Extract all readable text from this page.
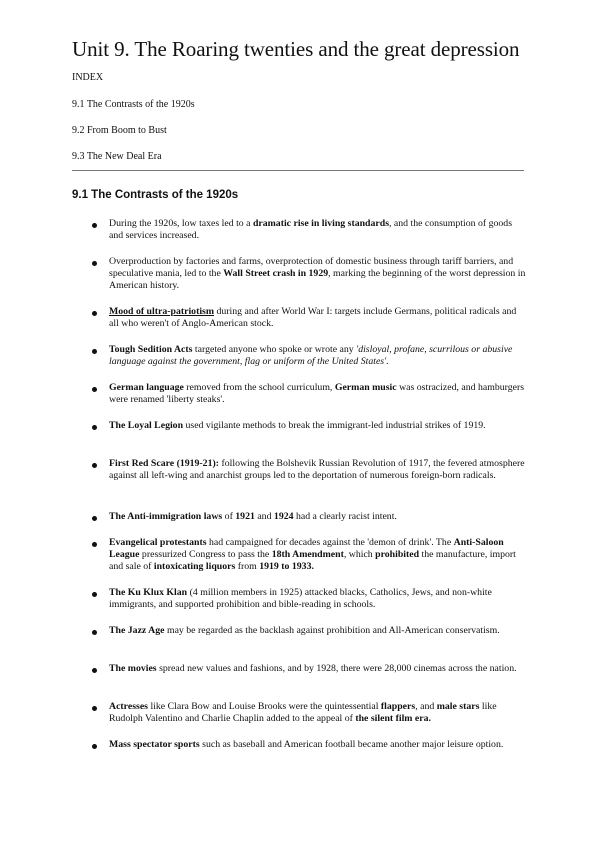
Unit 9. The Roaring twenties and the great depression
INDEX
9.1 The Contrasts of the 1920s
9.2 From Boom to Bust
9.3 The New Deal Era
9.1 The Contrasts of the 1920s

During the 1920s, low taxes led to a dramatic rise in living standards, and the consumption of goods and services increased.

Overproduction by factories and farms, overprotection of domestic business through tariff barriers, and speculative mania, led to the Wall Street crash in 1929, marking the beginning of the worst depression in American history.

Mood of ultra-patriotism during and after World War I: targets include Germans, political radicals and all who weren't of Anglo-American stock.

Tough Sedition Acts targeted anyone who spoke or wrote any 'disloyal, profane, scurrilous or abusive language against the government, flag or uniform of the United States'.

German language removed from the school curriculum, German music was ostracized, and hamburgers were renamed 'liberty steaks'.

The Loyal Legion used vigilante methods to break the immigrant-led industrial strikes of 1919.

First Red Scare (1919-21): following the Bolshevik Russian Revolution of 1917, the fevered atmosphere against all left-wing and anarchist groups led to the deportation of numerous foreign-born radicals.

The Anti-immigration laws of 1921 and 1924 had a clearly racist intent.

Evangelical protestants had campaigned for decades against the 'demon of drink'. The Anti-Saloon League pressurized Congress to pass the 18th Amendment, which prohibited the manufacture, import and sale of intoxicating liquors from 1919 to 1933.

The Ku Klux Klan (4 million members in 1925) attacked blacks, Catholics, Jews, and non-white immigrants, and supported prohibition and bible-reading in schools.

The Jazz Age may be regarded as the backlash against prohibition and All-American conservatism.

The movies spread new values and fashions, and by 1928, there were 28,000 cinemas across the nation.

Actresses like Clara Bow and Louise Brooks were the quintessential flappers, and male stars like Rudolph Valentino and Charlie Chaplin added to the appeal of the silent film era.

Mass spectator sports such as baseball and American football became another major leisure option.
